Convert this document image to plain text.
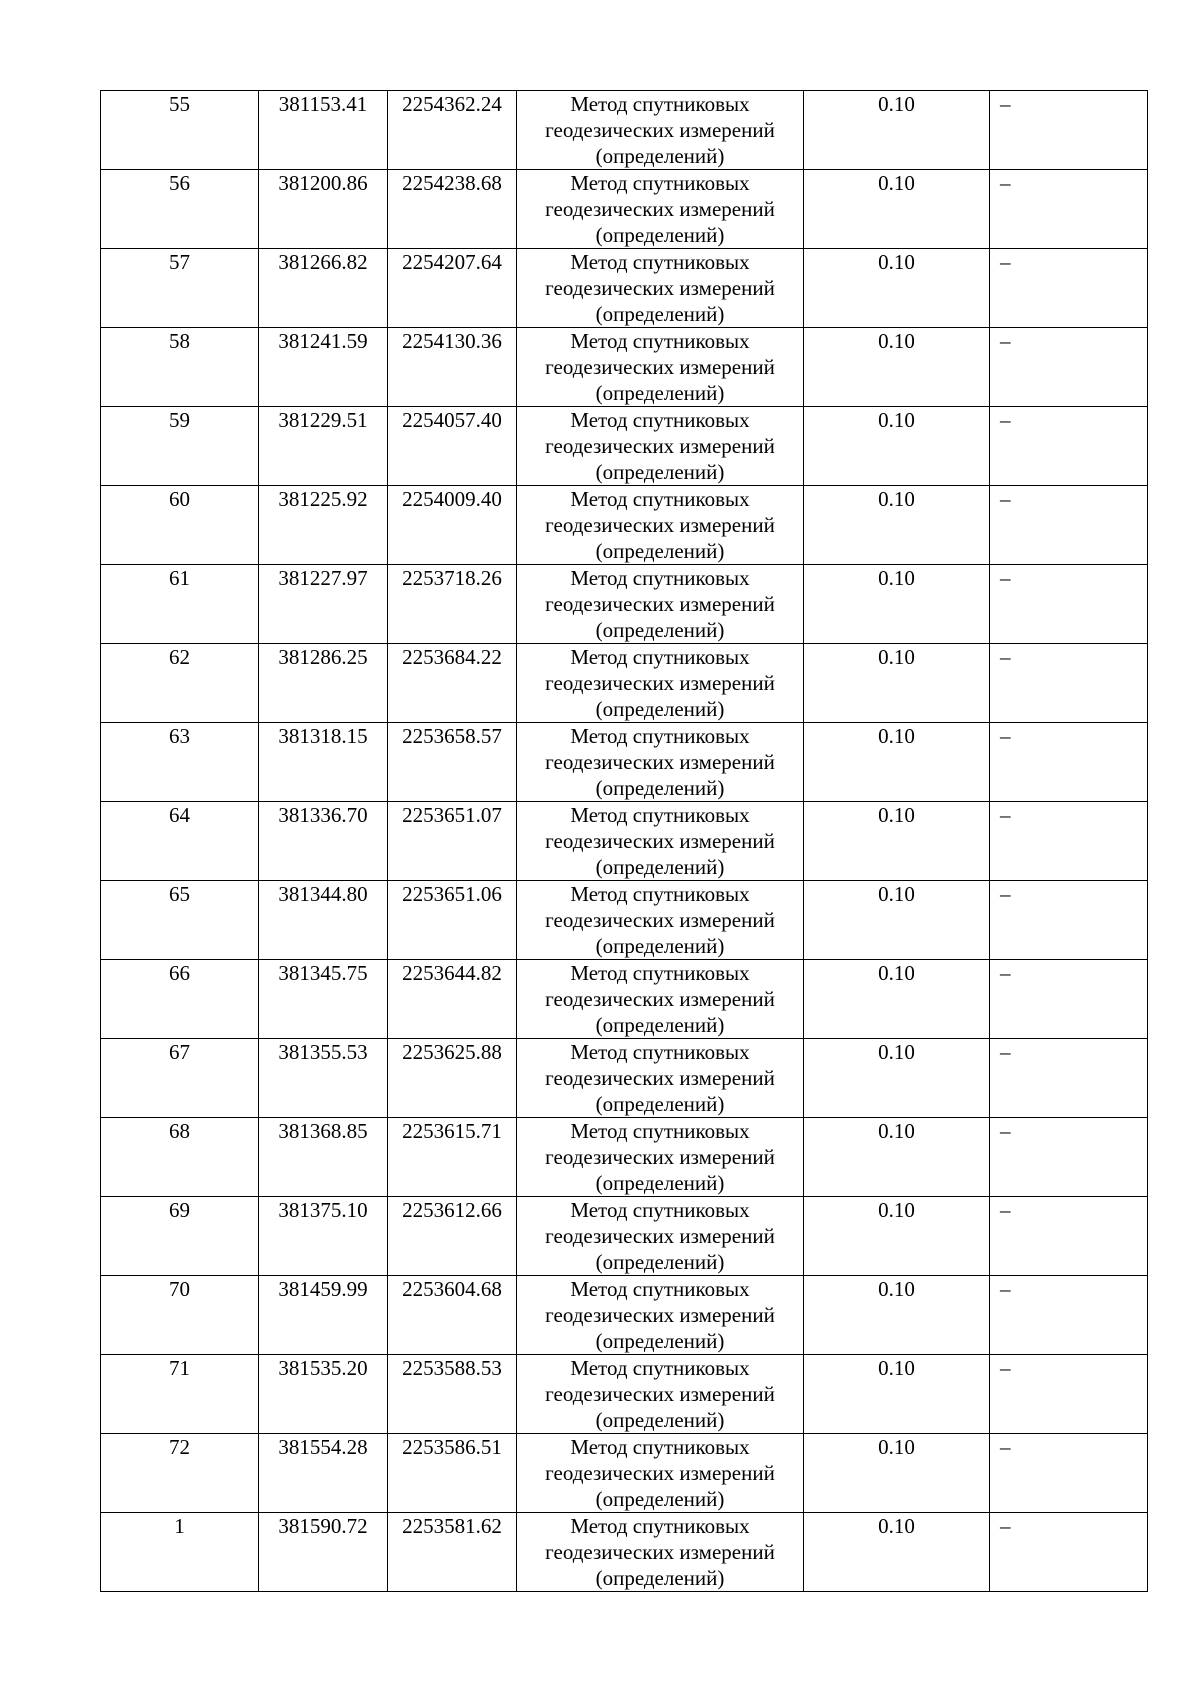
55	381153.41	2254362.24	Метод спутниковых геодезических измерений (определений)	0.10	–
56	381200.86	2254238.68	Метод спутниковых геодезических измерений (определений)	0.10	–
57	381266.82	2254207.64	Метод спутниковых геодезических измерений (определений)	0.10	–
58	381241.59	2254130.36	Метод спутниковых геодезических измерений (определений)	0.10	–
59	381229.51	2254057.40	Метод спутниковых геодезических измерений (определений)	0.10	–
60	381225.92	2254009.40	Метод спутниковых геодезических измерений (определений)	0.10	–
61	381227.97	2253718.26	Метод спутниковых геодезических измерений (определений)	0.10	–
62	381286.25	2253684.22	Метод спутниковых геодезических измерений (определений)	0.10	–
63	381318.15	2253658.57	Метод спутниковых геодезических измерений (определений)	0.10	–
64	381336.70	2253651.07	Метод спутниковых геодезических измерений (определений)	0.10	–
65	381344.80	2253651.06	Метод спутниковых геодезических измерений (определений)	0.10	–
66	381345.75	2253644.82	Метод спутниковых геодезических измерений (определений)	0.10	–
67	381355.53	2253625.88	Метод спутниковых геодезических измерений (определений)	0.10	–
68	381368.85	2253615.71	Метод спутниковых геодезических измерений (определений)	0.10	–
69	381375.10	2253612.66	Метод спутниковых геодезических измерений (определений)	0.10	–
70	381459.99	2253604.68	Метод спутниковых геодезических измерений (определений)	0.10	–
71	381535.20	2253588.53	Метод спутниковых геодезических измерений (определений)	0.10	–
72	381554.28	2253586.51	Метод спутниковых геодезических измерений (определений)	0.10	–
1	381590.72	2253581.62	Метод спутниковых геодезических измерений (определений)	0.10	–
